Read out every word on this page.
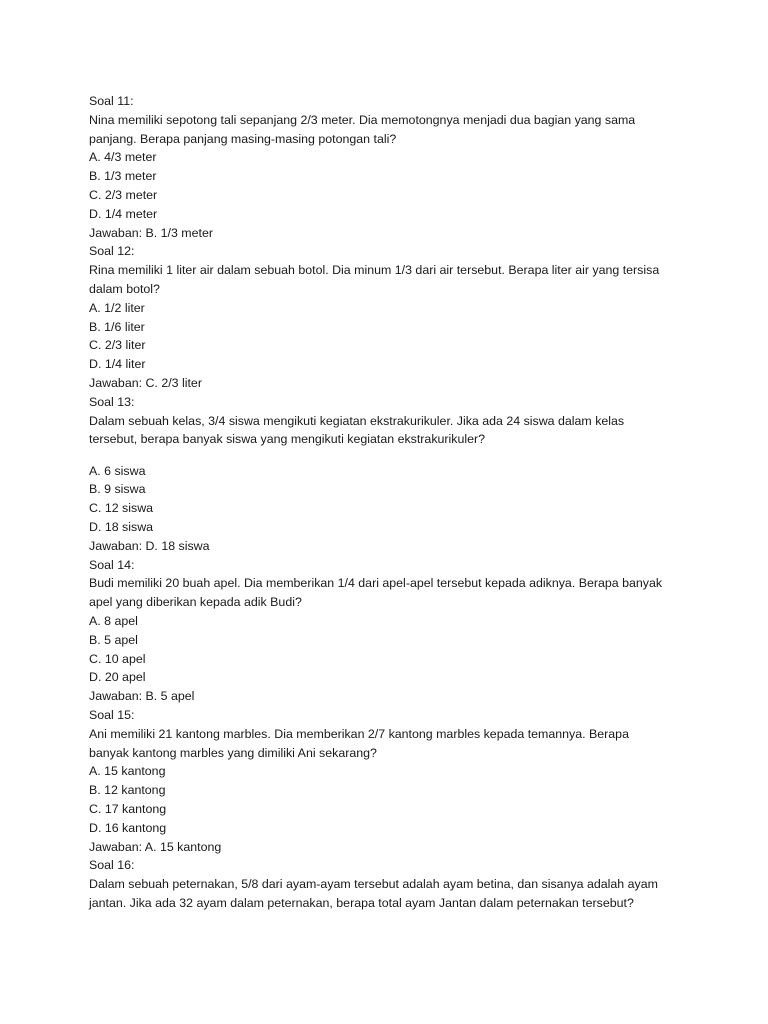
Soal 11:
Nina memiliki sepotong tali sepanjang 2/3 meter. Dia memotongnya menjadi dua bagian yang sama
panjang. Berapa panjang masing-masing potongan tali?
A. 4/3 meter
B. 1/3 meter
C. 2/3 meter
D. 1/4 meter
Jawaban: B. 1/3 meter
Soal 12:
Rina memiliki 1 liter air dalam sebuah botol. Dia minum 1/3 dari air tersebut. Berapa liter air yang tersisa
dalam botol?
A. 1/2 liter
B. 1/6 liter
C. 2/3 liter
D. 1/4 liter
Jawaban: C. 2/3 liter
Soal 13:
Dalam sebuah kelas, 3/4 siswa mengikuti kegiatan ekstrakurikuler. Jika ada 24 siswa dalam kelas
tersebut, berapa banyak siswa yang mengikuti kegiatan ekstrakurikuler?
A. 6 siswa
B. 9 siswa
C. 12 siswa
D. 18 siswa
Jawaban: D. 18 siswa
Soal 14:
Budi memiliki 20 buah apel. Dia memberikan 1/4 dari apel-apel tersebut kepada adiknya. Berapa banyak
apel yang diberikan kepada adik Budi?
A. 8 apel
B. 5 apel
C. 10 apel
D. 20 apel
Jawaban: B. 5 apel
Soal 15:
Ani memiliki 21 kantong marbles. Dia memberikan 2/7 kantong marbles kepada temannya. Berapa
banyak kantong marbles yang dimiliki Ani sekarang?
A. 15 kantong
B. 12 kantong
C. 17 kantong
D. 16 kantong
Jawaban: A. 15 kantong
Soal 16:
Dalam sebuah peternakan, 5/8 dari ayam-ayam tersebut adalah ayam betina, dan sisanya adalah ayam
jantan. Jika ada 32 ayam dalam peternakan, berapa total ayam Jantan dalam peternakan tersebut?
